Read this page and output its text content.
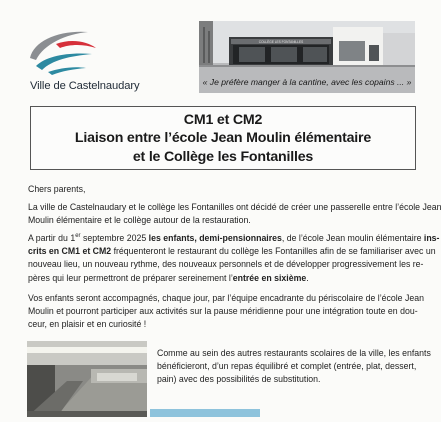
Ville de Castelnaudary
COLLÈGE LES FONTANILLES
« Je préfère manger à la cantine, avec les copains ... »
CM1 et CM2
Liaison entre l’école Jean Moulin élémentaire
et le Collège les Fontanilles
Chers parents,
La ville de Castelnaudary et le collège les Fontanilles ont décidé de créer une passerelle entre l’école Jean
Moulin élémentaire et le collège autour de la restauration.
A partir du 1er septembre 2025 les enfants, demi-pensionnaires, de l’école Jean moulin élémentaire ins-
crits en CM1 et CM2 fréquenteront le restaurant du collège les Fontanilles afin de se familiariser avec un
nouveau lieu, un nouveau rythme, des nouveaux personnels et de développer progressivement les re-
pères qui leur permettront de préparer sereinement l’entrée en sixième.
Vos enfants seront accompagnés, chaque jour, par l’équipe encadrante du périscolaire de l’école Jean
Moulin et pourront participer aux activités sur la pause méridienne pour une intégration toute en dou-
ceur, en plaisir et en curiosité !
Comme au sein des autres restaurants scolaires de la ville, les enfants
bénéficieront, d’un repas équilibré et complet (entrée, plat, dessert,
pain) avec des possibilités de substitution.
